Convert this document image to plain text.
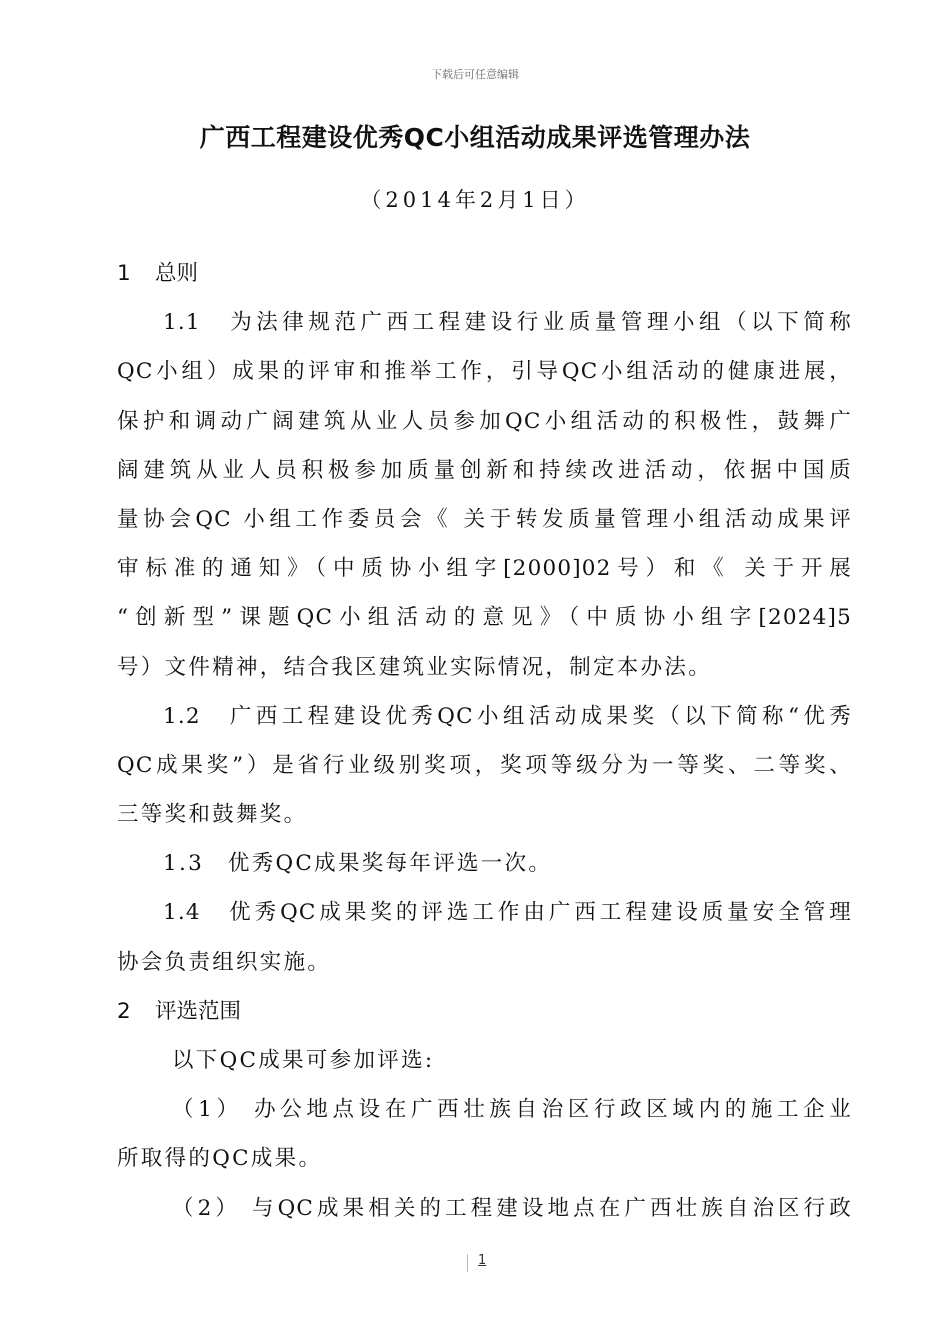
下载后可任意编辑
广西工程建设优秀QC小组活动成果评选管理办法
（2014年2月1日）
1 总则
1.1　为法律规范广西工程建设行业质量管理小组（以下简称
QC小组）成果的评审和推举工作，引导QC小组活动的健康进展，
保护和调动广阔建筑从业人员参加QC小组活动的积极性，鼓舞广
阔建筑从业人员积极参加质量创新和持续改进活动，依据中国质
量协会QC 小组工作委员会《 关于转发质量管理小组活动成果评
审标准的通知》（中质协小组字[2000]02号）和《 关于开展
“创新型”课题QC小组活动的意见》（中质协小组字[2024]5
号）文件精神，结合我区建筑业实际情况，制定本办法。
1.2　广西工程建设优秀QC小组活动成果奖（以下简称“优秀
QC成果奖”）是省行业级别奖项，奖项等级分为一等奖、二等奖、
三等奖和鼓舞奖。
1.3　优秀QC成果奖每年评选一次。
1.4　优秀QC成果奖的评选工作由广西工程建设质量安全管理
协会负责组织实施。
2 评选范围
以下QC成果可参加评选:
（1） 办公地点设在广西壮族自治区行政区域内的施工企业
所取得的QC成果。
（2） 与QC成果相关的工程建设地点在广西壮族自治区行政
1
